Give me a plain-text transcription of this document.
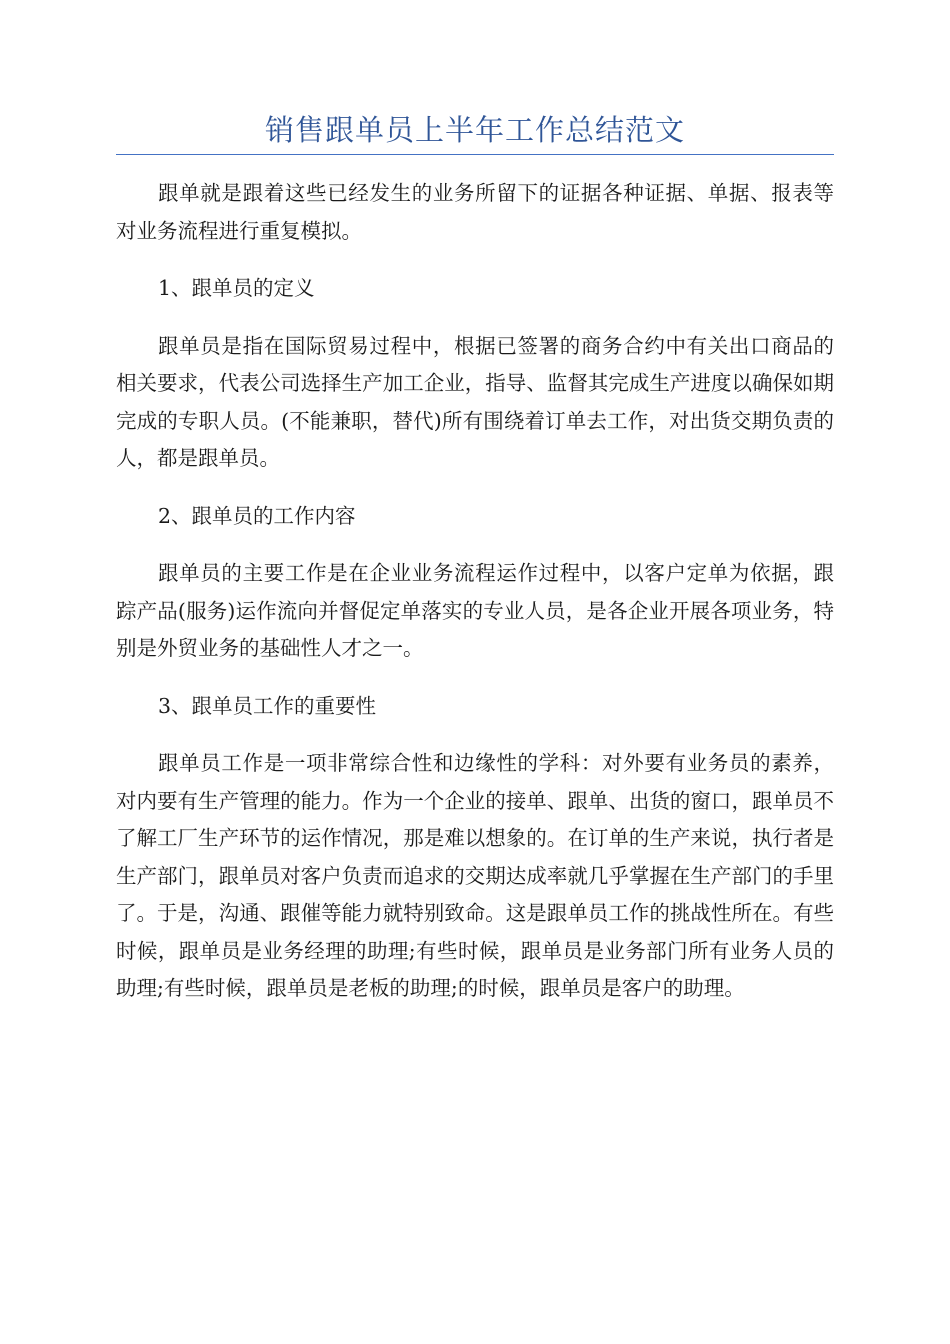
销售跟单员上半年工作总结范文

跟单就是跟着这些已经发生的业务所留下的证据各种证据、单据、报表等对业务流程进行重复模拟。

1、跟单员的定义

跟单员是指在国际贸易过程中，根据已签署的商务合约中有关出口商品的相关要求，代表公司选择生产加工企业，指导、监督其完成生产进度以确保如期完成的专职人员。(不能兼职，替代)所有围绕着订单去工作，对出货交期负责的人，都是跟单员。

2、跟单员的工作内容

跟单员的主要工作是在企业业务流程运作过程中，以客户定单为依据，跟踪产品(服务)运作流向并督促定单落实的专业人员，是各企业开展各项业务，特别是外贸业务的基础性人才之一。

3、跟单员工作的重要性

跟单员工作是一项非常综合性和边缘性的学科：对外要有业务员的素养，对内要有生产管理的能力。作为一个企业的接单、跟单、出货的窗口，跟单员不了解工厂生产环节的运作情况，那是难以想象的。在订单的生产来说，执行者是生产部门，跟单员对客户负责而追求的交期达成率就几乎掌握在生产部门的手里了。于是，沟通、跟催等能力就特别致命。这是跟单员工作的挑战性所在。有些时候，跟单员是业务经理的助理;有些时候，跟单员是业务部门所有业务人员的助理;有些时候，跟单员是老板的助理;的时候，跟单员是客户的助理。
